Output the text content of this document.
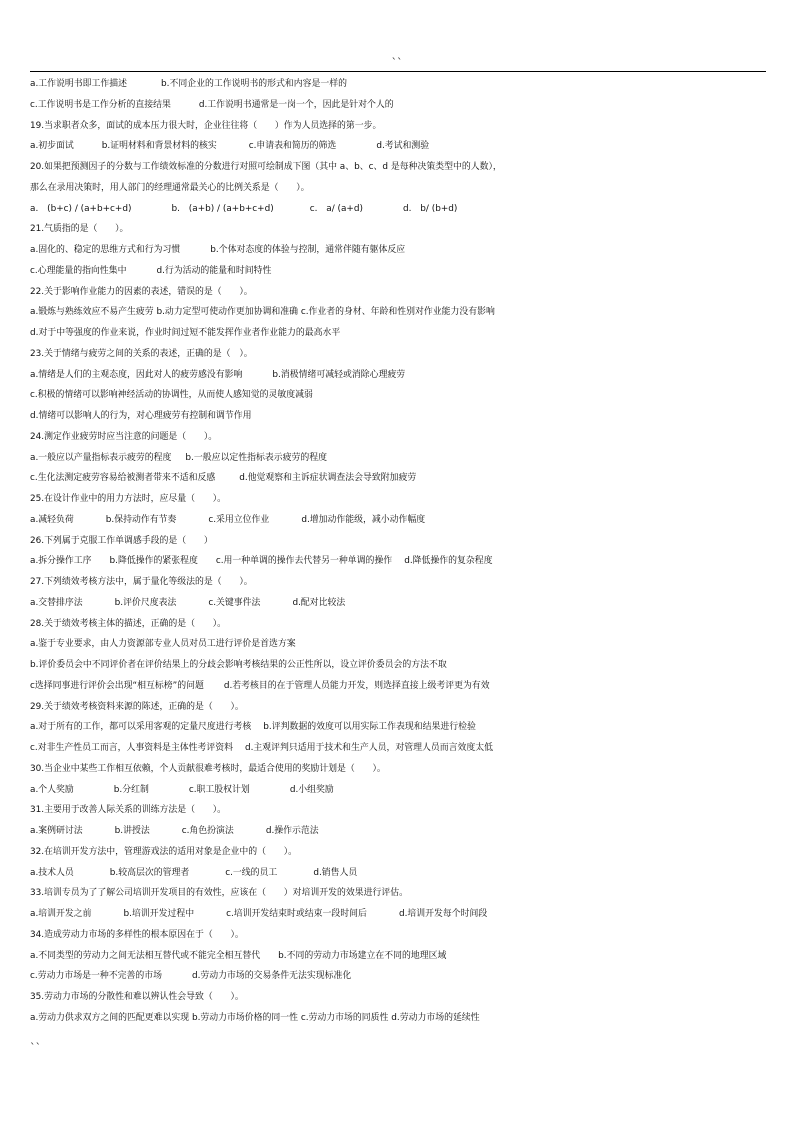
``
a.工作说明书即工作描述	b.不同企业的工作说明书的形式和内容是一样的
c.工作说明书是工作分析的直接结果	d.工作说明书通常是一岗一个，因此是针对个人的
19.当求职者众多，面试的成本压力很大时，企业往往将（　　）作为人员选择的第一步。
a.初步面试	b.证明材料和背景材料的核实	c.申请表和简历的筛选	d.考试和测验
20.如果把预测因子的分数与工作绩效标准的分数进行对照可绘制成下图（其中 a、b、c、d 是每种决策类型中的人数），
那么在录用决策时，用人部门的经理通常最关心的比例关系是（　　）。
a.　(b+c) / (a+b+c+d)	b.　(a+b) / (a+b+c+d)	c.　a/ (a+d)	d.　b/ (b+d)
21.气质指的是（　　）。
a.固化的、稳定的思维方式和行为习惯	b.个体对态度的体验与控制，通常伴随有躯体反应
c.心理能量的指向性集中	d.行为活动的能量和时间特性
22.关于影响作业能力的因素的表述，错误的是（　　）。
a.锻炼与熟练效应不易产生疲劳 b.动力定型可使动作更加协调和准确 c.作业者的身材、年龄和性别对作业能力没有影响
d.对于中等强度的作业来说，作业时间过短不能发挥作业者作业能力的最高水平
23.关于情绪与疲劳之间的关系的表述，正确的是（　）。
a.情绪是人们的主观态度，因此对人的疲劳感没有影响	b.消极情绪可减轻或消除心理疲劳
c.积极的情绪可以影响神经活动的协调性，从而使人感知觉的灵敏度减弱
d.情绪可以影响人的行为，对心理疲劳有控制和调节作用
24.测定作业疲劳时应当注意的问题是（　　）。
a.一般应以产量指标表示疲劳的程度 b.一般应以定性指标表示疲劳的程度
c.生化法测定疲劳容易给被测者带来不适和反感	d.他觉观察和主诉症状调查法会导致附加疲劳
25.在设计作业中的用力方法时，应尽量（　　）。
a.减轻负荷	b.保持动作有节奏	c.采用立位作业	d.增加动作能级，减小动作幅度
26.下列属于克服工作单调感手段的是（　　）
a.拆分操作工序 b.降低操作的紧张程度 c.用一种单调的操作去代替另一种单调的操作 d.降低操作的复杂程度
27.下列绩效考核方法中，属于量化等级法的是（　　）。
a.交替排序法	b.评价尺度表法	c.关键事件法	d.配对比较法
28.关于绩效考核主体的描述，正确的是（　　）。
a.鉴于专业要求，由人力资源部专业人员对员工进行评价是首选方案
b.评价委员会中不同评价者在评价结果上的分歧会影响考核结果的公正性所以，设立评价委员会的方法不取
c选择同事进行评价会出现“相互标榜”的问题 d.若考核目的在于管理人员能力开发，则选择直接上级考评更为有效
29.关于绩效考核资料来源的陈述，正确的是（　　）。
a.对于所有的工作，都可以采用客观的定量尺度进行考核 b.评判数据的效度可以用实际工作表现和结果进行检验
c.对非生产性员工而言，人事资料是主体性考评资料 d.主观评判只适用于技术和生产人员，对管理人员而言效度太低
30.当企业中某些工作相互依赖，个人贡献很难考核时，最适合使用的奖励计划是（　　）。
a.个人奖励	b.分红制	c.职工股权计划	d.小组奖励
31.主要用于改善人际关系的训练方法是（　　）。
a.案例研讨法	b.讲授法	c.角色扮演法	d.操作示范法
32.在培训开发方法中，管理游戏法的适用对象是企业中的（　　）。
a.技术人员	b.较高层次的管理者	c.一线的员工	d.销售人员
33.培训专员为了了解公司培训开发项目的有效性，应该在（　　）对培训开发的效果进行评估。
a.培训开发之前	b.培训开发过程中	c.培训开发结束时或结束一段时间后	d.培训开发每个时间段
34.造成劳动力市场的多样性的根本原因在于（　　）。
a.不同类型的劳动力之间无法相互替代或不能完全相互替代 b.不同的劳动力市场建立在不同的地理区域
c.劳动力市场是一种不完善的市场	d.劳动力市场的交易条件无法实现标准化
35.劳动力市场的分散性和难以辨认性会导致（　　）。
a.劳动力供求双方之间的匹配更难以实现 b.劳动力市场价格的同一性 c.劳动力市场的同质性 d.劳动力市场的延续性
``
